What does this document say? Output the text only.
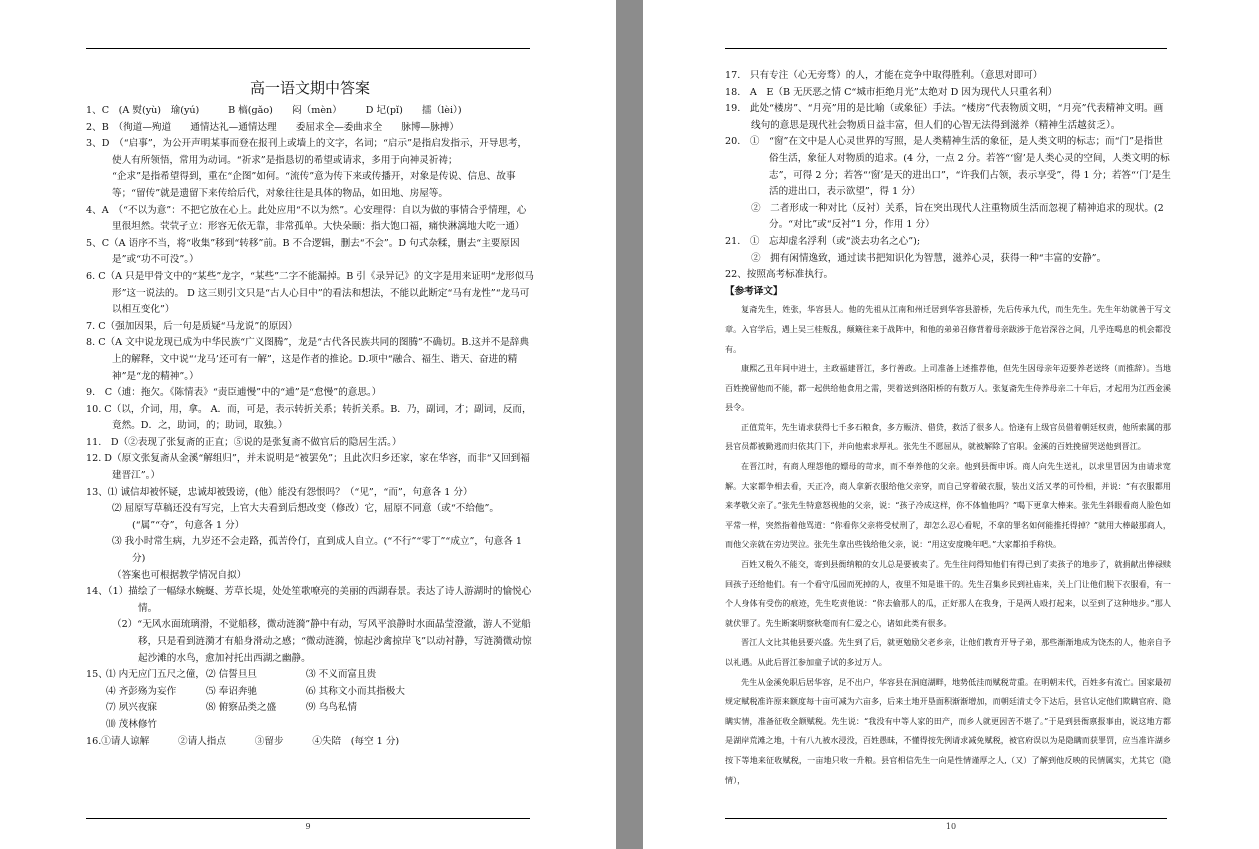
高一语文期中答案

1、C　(A 熨(yù)　瑜(yú)　　　B 槁(gǎo)　　闷（mèn）　　　D 圮(pǐ)　　擂（lèi）)

2、B　（徇道—殉道　　通情达礼—通情达理　　委屈求全—委曲求全　　脉博—脉搏）

3、D　（“启事”，为公开声明某事而登在报刊上或墙上的文字，名词；“启示”是指启发指示，开导思考，使人有所领悟，常用为动词。“祈求”是指恳切的希望或请求，多用于向神灵祈祷；

“企求”是指希望得到，重在“企图”如何。“流传”意为传下来或传播开，对象是传说、信息、故事等；“留传”就是遗留下来传给后代，对象往往是具体的物品，如田地、房屋等。

4、A　（“不以为意”：不把它放在心上。此处应用“不以为然”。心安理得：自以为做的事情合乎情理，心里很坦然。茕茕孑立：形容无依无靠，非常孤单。大快朵颐：指大饱口福，痛快淋漓地大吃一通）

5、C（A 语序不当，将“收集”移到“转移”前。B 不合逻辑，删去“不会”。D 句式杂糅，删去“主要原因是”或“功不可没”。）

6. C（A 只是甲骨文中的“某些”龙字，“某些”二字不能漏掉。B 引《录异记》的文字是用来证明“龙形似马形”这一说法的。 D 这三则引文只是“古人心目中”的看法和想法，不能以此断定“马有龙性”“龙马可以相互变化”）

7. C（强加因果，后一句是质疑“马龙说”的原因）

8. C（A 文中说龙现已成为中华民族“广义图腾”，龙是“古代各民族共同的图腾”不确切。B.这并不是辞典上的解释，文中说“‘龙马’还可有一解”，这是作者的推论。D.项中“融合、福生、谐天、奋进的精神”是“龙的精神”。）

9.　C（逋：拖欠。《陈情表》“责臣逋慢”中的“逋”是“怠慢”的意思。）

10. C（以，介词，用，拿。 A．而，可是，表示转折关系；转折关系。B．乃，副词，才；副词，反而，竟然。D．之，助词，的；助词，取独。）

11.　D（②表现了张复斋的正直；⑤说的是张复斋不做官后的隐居生活。）

12. D（原文张复斋从金溪“解组归”，并未说明是“被罢免”；且此次归乡还家，家在华容，而非“又回到福建晋江”。）

13、⑴ 诚信却被怀疑，忠诚却被毁谤，(他）能没有怨恨吗？（“见”，“而”，句意各 1 分）

⑵ 屈原写草稿还没有写完，上官大夫看到后想改变（修改）它，屈原不同意（或“不给他”。(“属”“夺”，句意各 1 分）

⑶ 我小时常生病，九岁还不会走路，孤苦伶仃，直到成人自立。(“不行”“零丁”“成立”，句意各 1 分)

（答案也可根据教学情况自拟）

14、（1）描绘了一幅绿水蜿蜒、芳草长堤，处处笙歌嘹亮的美丽的西湖春景。表达了诗人游湖时的愉悦心情。

（2）“无风水面琉璃滑，不觉船移，微动涟漪”静中有动，写风平浪静时水面晶莹澄澈，游人不觉船移，只是看到涟漪才有船身滑动之感；“微动涟漪，惊起沙禽掠岸飞”以动衬静，写涟漪微动惊起沙滩的水鸟，愈加衬托出西湖之幽静。

15、
⑴ 内无应门五尺之僮， ⑵ 信誓旦旦	⑶ 不义而富且贵
⑷ 齐彭殇为妄作	⑸ 奉诏奔驰	⑹ 其称文小而其指极大
⑺ 夙兴夜寐	⑻ 俯察品类之盛	⑼ 乌鸟私情
⑽ 茂林修竹

16.①请人谅解　　　②请人指点　　　③留步　　　④失陪　(每空 1 分)

9

17.　只有专注（心无旁骛）的人，才能在竞争中取得胜利。（意思对即可）

18.　A　E（B 无厌恶之情 C“城市拒绝月光”太绝对 D 因为现代人只重名利）

19.　此处“楼房”、“月亮”用的是比喻（或象征）手法。“楼房”代表物质文明，“月亮”代表精神文明。画线句的意思是现代社会物质日益丰富，但人们的心智无法得到滋养（精神生活越贫乏）。

20.　①　“窗”在文中是人心灵世界的写照，是人类精神生活的象征，是人类文明的标志；而“门”是指世俗生活，象征人对物质的追求。(4 分，一点 2 分。若答“‘窗’是人类心灵的空间，人类文明的标志”，可得 2 分；若答“‘窗’是天的进出口”，“许我们占领，表示享受”，得 1 分；若答“‘门’是生活的进出口，表示欲望”，得 1 分）

②　二者形成一种对比（反衬）关系，旨在突出现代人注重物质生活而忽视了精神追求的现状。(2 分。“对比”或“反衬”1 分，作用 1 分）

21.　①　忘却虚名浮利（或“淡去功名之心”);

②　拥有闲情逸致，通过读书把知识化为智慧，滋养心灵，获得一种“丰富的安静”。

22、按照高考标准执行。

【参考译文】

复斋先生，姓张，华容县人。他的先祖从江南和州迁居到华容县游桥，先后传承九代，而生先生。先生年幼就善于写文章。入官学后，遇上吴三桂叛乱，颠簸往来于战阵中，和他的弟弟召修背着母亲跋涉于危岩深谷之间，几乎连喝息的机会都没有。

康熙乙丑年间中进士，主政福建晋江，多行善政。上司准备上述推荐他，但先生因母亲年迈要养老送终（而推辞）。当地百姓挽留他而不能，都一起供给他食用之需，哭着送到洛阳桥的有数万人。张复斋先生侍养母亲二十年后，才起用为江西金溪县令。

正值荒年，先生请求获得七千多石粮食，多方赈济、借贷，救活了很多人。恰逢有上级官员借着朝廷权责，他所索属的那县官员都被勤逃而归依其门下，并向他索求厚礼。张先生不愿屈从，就被解除了官职。金溪的百姓挽留哭送他到晋江。

在晋江时，有商人理怨他的嫖母的苛求，而不奉养他的父亲。他到县衙申诉。商人向先生送礼，以求里冒因为由请求宽解。大家都争相去看，天正冷，商人拿新衣服给他父亲穿，而自己穿着破衣服，装出义活又孝的可怜相，并说：“有衣服都用来孝敬父亲了。”张先生特意怒视他的父亲，说：“孩子冷成这样，你不体恤他吗？”喝下更拿大棒来。张先生斜眼看商人脸色如平常一样，突然指着他骂道：“你看你父亲将受杖刑了，却怎么忍心看呢，不拿的罪名如何能推托得掉？”就用大棒敲那商人，而他父亲就在旁边哭泣。张先生拿出些钱给他父亲，说：“用这安度晚年吧。”大家都拍手称快。

百姓又税久不能交，寄到县衙纳粮的女儿总是要被卖了。先生往问得知他们有得已到了卖孩子的地步了，就捐献出俸禄赎回孩子还给他们。有一个看守瓜园而死掉的人，夜里不知是谁干的。先生召集乡民到社庙来，关上门让他们脱下衣服看，有一个人身体有受伤的痕迹，先生吃责他说：“你去偷那人的瓜，正好那人在我身，于是两人殴打起来，以至到了这种地步。”那人就伏罪了。先生断案明察秋毫而有仁爱之心，诸如此类有很多。

晋江人文比其他县要兴盛。先生到了后，就更勉励父老乡亲，让他们教育开导子弟，那些渐渐地成为饶杰的人，他亲自予以礼遇。从此后晋江参加童子试的多过万人。

先生从金溪免职后居华容，足不出户，华容县在洞庭湖畔，地势低洼而赋税苛重。在明朝末代，百姓多有流亡。国家最初规定赋税准许原来额度每十亩可减为六亩多，后来土地开垦面积渐渐增加，而朝廷清丈令下达后，县官认定他们欺瞒官府、隐瞒实情，准备征收全额赋税。先生说：“我没有中等人家的田产，而乡人就更因苦不堪了。”于是到县衙禀报事由，说这地方都是湖岸荒滩之地，十有八九被水浸没，百姓愚昧，不懂得按先例请求减免赋税，被官府误以为是隐瞒而获罪罚，应当准许湖乡按下等地来征收赋税，一亩地只收一升粮。县官相信先生一向是性情谨厚之人,（又）了解到他反映的民情属实，尤其它（隐情），

10
